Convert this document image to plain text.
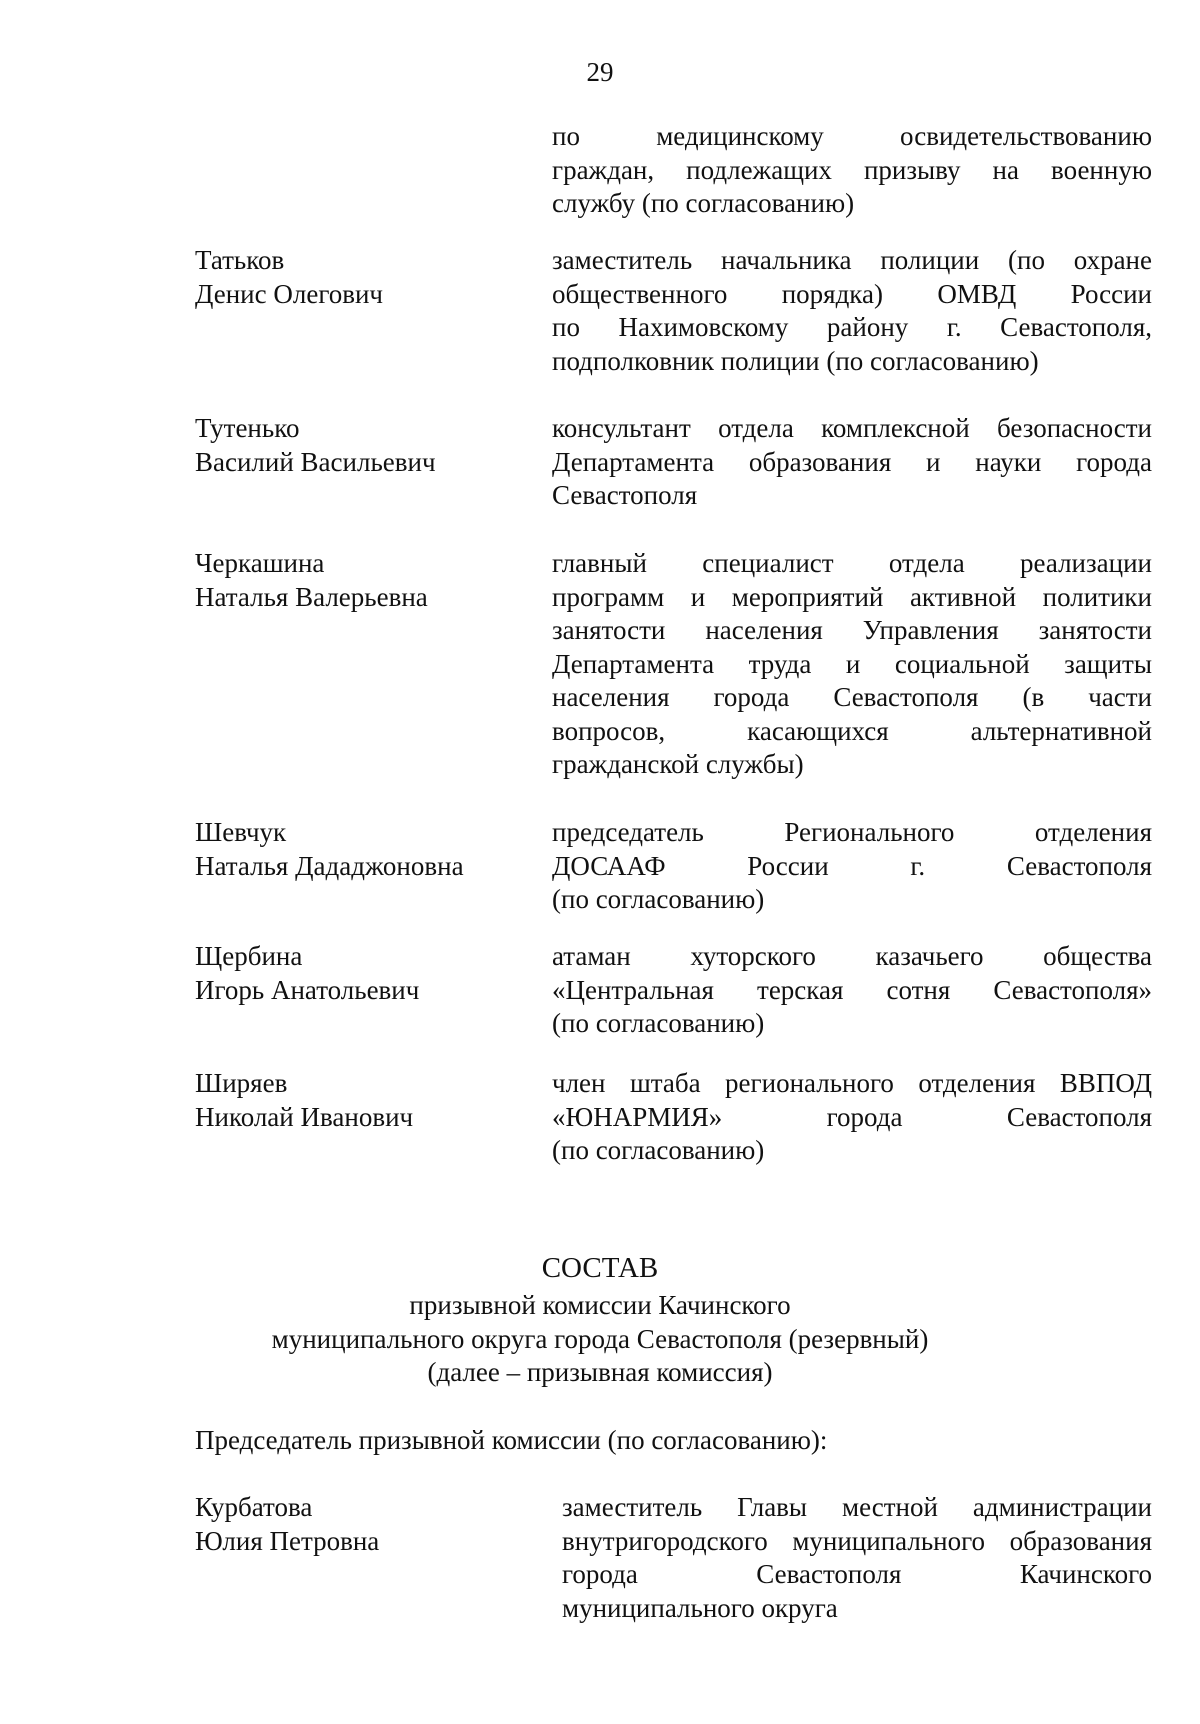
29
по медицинскому освидетельствованию
граждан, подлежащих призыву на военную
службу (по согласованию)
Татьков
Денис Олегович
заместитель начальника полиции (по охране
общественного порядка) ОМВД России
по Нахимовскому району г. Севастополя,
подполковник полиции (по согласованию)
Тутенько
Василий Васильевич
консультант отдела комплексной безопасности
Департамента образования и науки города
Севастополя
Черкашина
Наталья Валерьевна
главный специалист отдела реализации
программ и мероприятий активной политики
занятости населения Управления занятости
Департамента труда и социальной защиты
населения города Севастополя (в части
вопросов, касающихся альтернативной
гражданской службы)
Шевчук
Наталья Дададжоновна
председатель Регионального отделения
ДОСААФ России г. Севастополя
(по согласованию)
Щербина
Игорь Анатольевич
атаман хуторского казачьего общества
«Центральная терская сотня Севастополя»
(по согласованию)
Ширяев
Николай Иванович
член штаба регионального отделения ВВПОД
«ЮНАРМИЯ» города Севастополя
(по согласованию)
СОСТАВ
призывной комиссии Качинского
муниципального округа города Севастополя (резервный)
(далее – призывная комиссия)
Председатель призывной комиссии (по согласованию):
Курбатова
Юлия Петровна
заместитель Главы местной администрации
внутригородского муниципального образования
города Севастополя Качинского
муниципального округа
